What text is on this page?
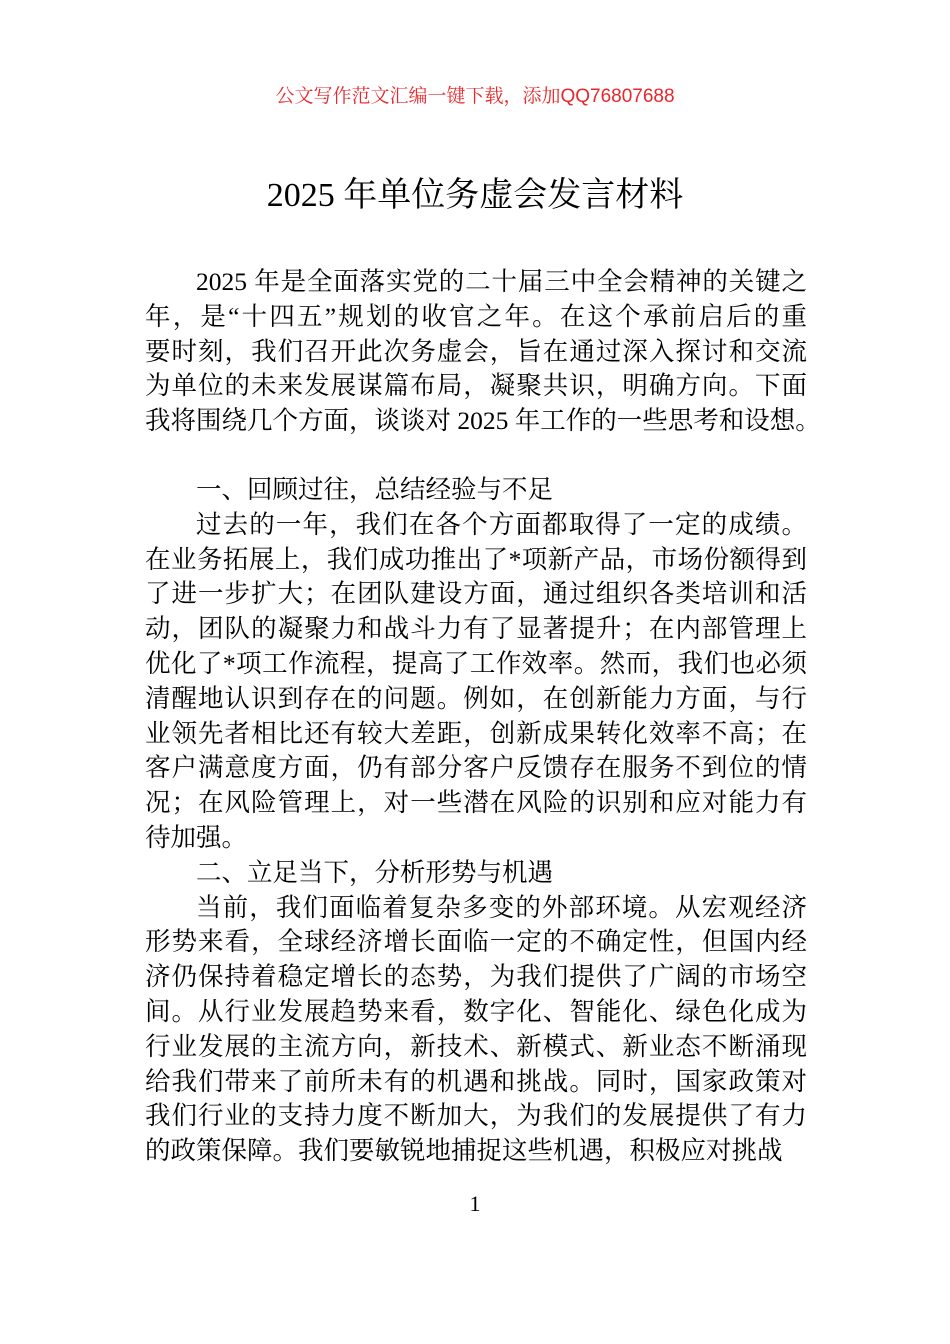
公文写作范文汇编一键下载，添加QQ76807688
2025 年单位务虚会发言材料
2025 年是全面落实党的二十届三中全会精神的关键之
年，是“十四五”规划的收官之年。在这个承前启后的重
要时刻，我们召开此次务虚会，旨在通过深入探讨和交流
为单位的未来发展谋篇布局，凝聚共识，明确方向。下面
我将围绕几个方面，谈谈对 2025 年工作的一些思考和设想。
一、回顾过往，总结经验与不足
过去的一年，我们在各个方面都取得了一定的成绩。
在业务拓展上，我们成功推出了*项新产品，市场份额得到
了进一步扩大；在团队建设方面，通过组织各类培训和活
动，团队的凝聚力和战斗力有了显著提升；在内部管理上
优化了*项工作流程，提高了工作效率。然而，我们也必须
清醒地认识到存在的问题。例如，在创新能力方面，与行
业领先者相比还有较大差距，创新成果转化效率不高；在
客户满意度方面，仍有部分客户反馈存在服务不到位的情
况；在风险管理上，对一些潜在风险的识别和应对能力有
待加强。
二、立足当下，分析形势与机遇
当前，我们面临着复杂多变的外部环境。从宏观经济
形势来看，全球经济增长面临一定的不确定性，但国内经
济仍保持着稳定增长的态势，为我们提供了广阔的市场空
间。从行业发展趋势来看，数字化、智能化、绿色化成为
行业发展的主流方向，新技术、新模式、新业态不断涌现
给我们带来了前所未有的机遇和挑战。同时，国家政策对
我们行业的支持力度不断加大，为我们的发展提供了有力
的政策保障。我们要敏锐地捕捉这些机遇，积极应对挑战
1
